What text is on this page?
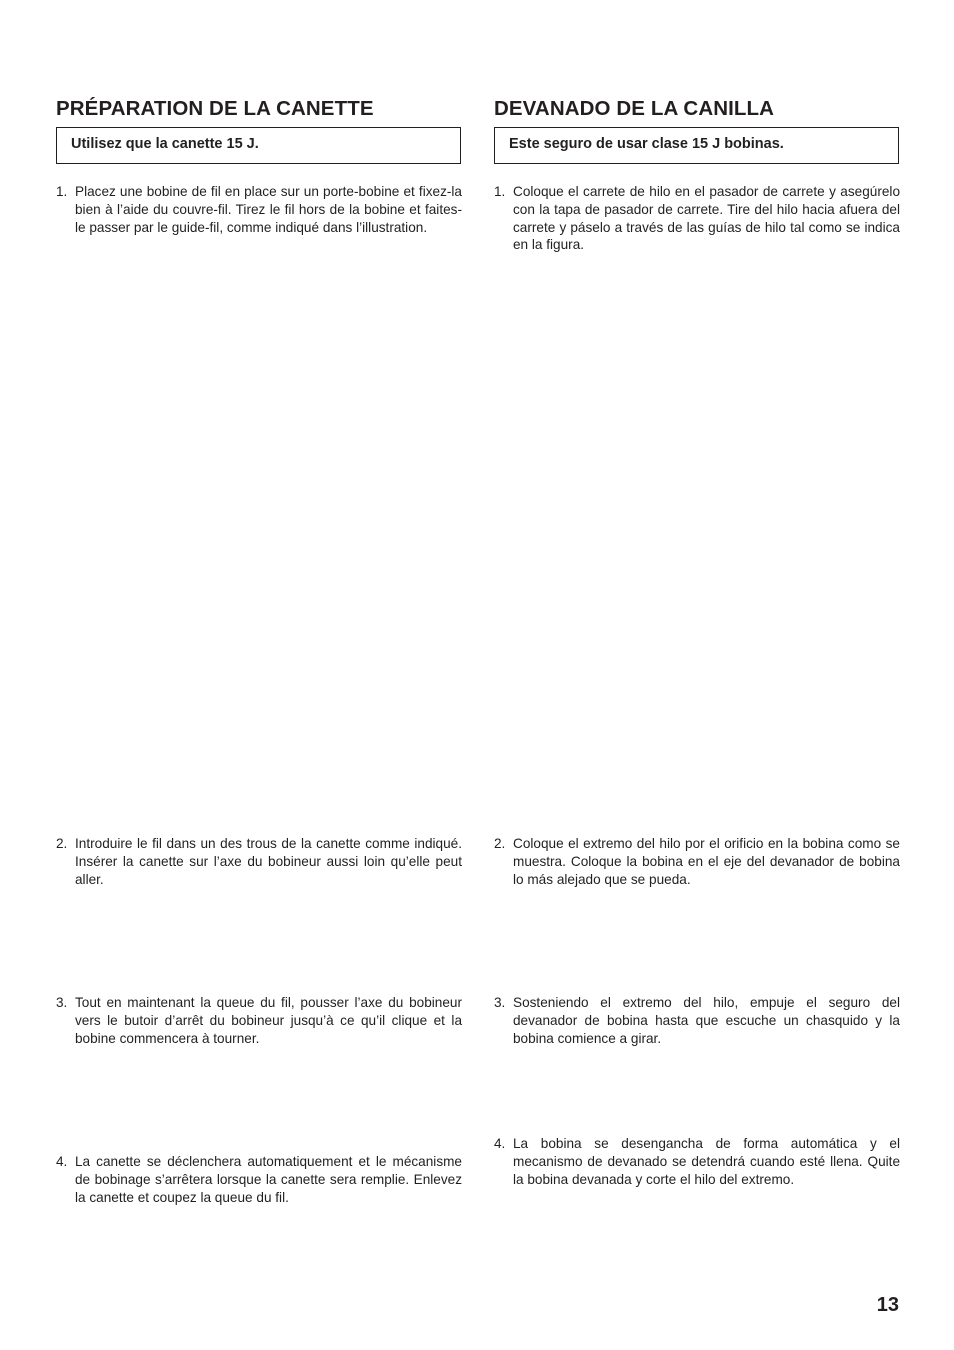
PRÉPARATION DE LA CANETTE
Utilisez que la canette 15 J.
1. Placez une bobine de fil en place sur un porte-bobine et fixez-la bien à l’aide du couvre-fil. Tirez le fil hors de la bobine et faites-le passer par le guide-fil, comme indiqué dans l’illustration.
2. Introduire le fil dans un des trous de la canette comme indiqué. Insérer la canette sur l’axe du bobineur aussi loin qu’elle peut aller.
3. Tout en maintenant la queue du fil, pousser l’axe du bobineur vers le butoir d’arrêt du bobineur jusqu’à ce qu’il clique et la bobine commencera à tourner.
4. La canette se déclenchera automatiquement et le mécanisme de bobinage s’arrêtera lorsque la canette sera remplie. Enlevez la canette et coupez la queue du fil.
DEVANADO DE LA CANILLA
Este seguro de usar clase 15 J bobinas.
1. Coloque el carrete de hilo en el pasador de carrete y asegúrelo con la tapa de pasador de carrete. Tire del hilo hacia afuera del carrete y páselo a través de las guías de hilo tal como se indica en la figura.
2. Coloque el extremo del hilo por el orificio en la bobina como se muestra. Coloque la bobina en el eje del devanador de bobina lo más alejado que se pueda.
3. Sosteniendo el extremo del hilo, empuje el seguro del devanador de bobina hasta que escuche un chasquido y la bobina comience a girar.
4. La bobina se desengancha de forma automática y el mecanismo de devanado se detendrá cuando esté llena. Quite la bobina devanada y corte el hilo del extremo.
13
